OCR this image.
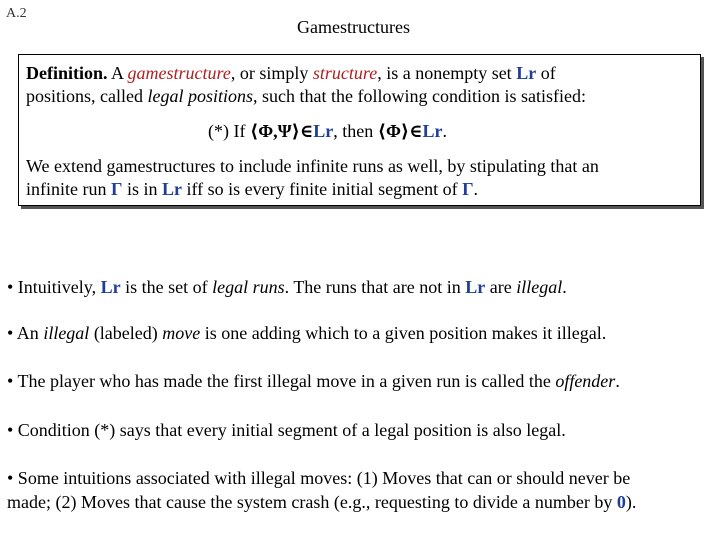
A.2
Gamestructures
Definition. A gamestructure, or simply structure, is a nonempty set Lr of
positions, called legal positions, such that the following condition is satisfied:
(*) If ⟨Φ,Ψ⟩∈Lr, then ⟨Φ⟩∈Lr.
We extend gamestructures to include infinite runs as well, by stipulating that an
infinite run Γ is in Lr iff so is every finite initial segment of Γ.
• Intuitively, Lr is the set of legal runs. The runs that are not in Lr are illegal.
• An illegal (labeled) move is one adding which to a given position makes it illegal.
• The player who has made the first illegal move in a given run is called the offender.
• Condition (*) says that every initial segment of a legal position is also legal.
• Some intuitions associated with illegal moves: (1) Moves that can or should never be
made; (2) Moves that cause the system crash (e.g., requesting to divide a number by 0).
